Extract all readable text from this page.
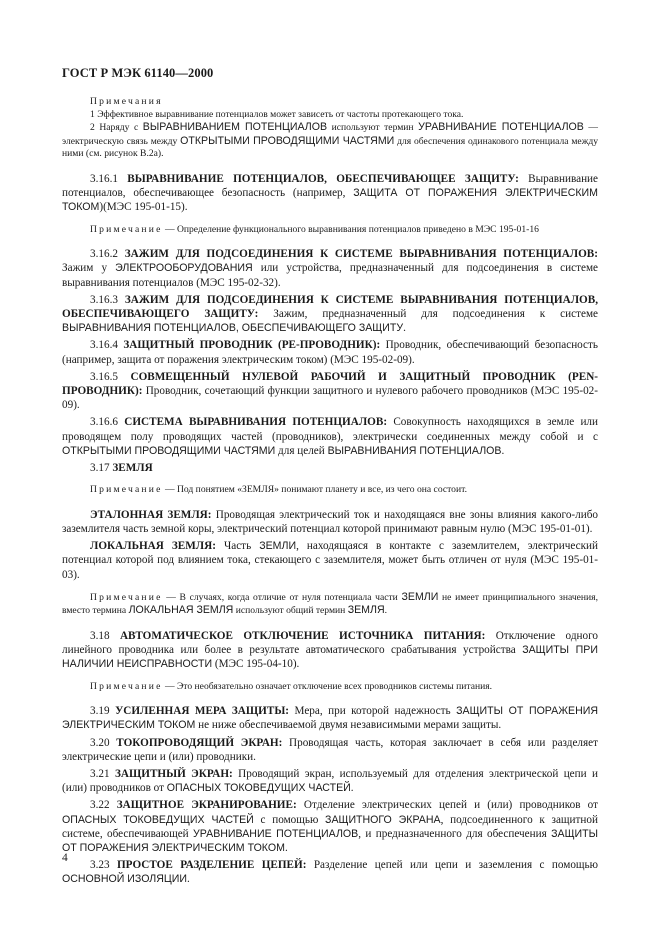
ГОСТ Р МЭК 61140—2000
Примечания
1 Эффективное выравнивание потенциалов может зависеть от частоты протекающего тока.
2 Наряду с ВЫРАВНИВАНИЕМ ПОТЕНЦИАЛОВ используют термин УРАВНИВАНИЕ ПОТЕНЦИАЛОВ — электрическую связь между ОТКРЫТЫМИ ПРОВОДЯЩИМИ ЧАСТЯМИ для обеспечения одинакового потенциала между ними (см. рисунок В.2а).

3.16.1 ВЫРАВНИВАНИЕ ПОТЕНЦИАЛОВ, ОБЕСПЕЧИВАЮЩЕЕ ЗАЩИТУ: Выравнивание потенциалов, обеспечивающее безопасность (например, ЗАЩИТА ОТ ПОРАЖЕНИЯ ЭЛЕКТРИЧЕСКИМ ТОКОМ)(МЭС 195-01-15).

Примечание — Определение функционального выравнивания потенциалов приведено в МЭС 195-01-16

3.16.2 ЗАЖИМ ДЛЯ ПОДСОЕДИНЕНИЯ К СИСТЕМЕ ВЫРАВНИВАНИЯ ПОТЕНЦИАЛОВ: Зажим у ЭЛЕКТРООБОРУДОВАНИЯ или устройства, предназначенный для подсоединения в системе выравнивания потенциалов (МЭС 195-02-32).

3.16.3 ЗАЖИМ ДЛЯ ПОДСОЕДИНЕНИЯ К СИСТЕМЕ ВЫРАВНИВАНИЯ ПОТЕНЦИАЛОВ, ОБЕСПЕЧИВАЮЩЕГО ЗАЩИТУ: Зажим, предназначенный для подсоединения к системе ВЫРАВНИВАНИЯ ПОТЕНЦИАЛОВ, ОБЕСПЕЧИВАЮЩЕГО ЗАЩИТУ.

3.16.4 ЗАЩИТНЫЙ ПРОВОДНИК (PE-ПРОВОДНИК): Проводник, обеспечивающий безопасность (например, защита от поражения электрическим током) (МЭС 195-02-09).

3.16.5 СОВМЕЩЕННЫЙ НУЛЕВОЙ РАБОЧИЙ И ЗАЩИТНЫЙ ПРОВОДНИК (PEN-ПРОВОДНИК): Проводник, сочетающий функции защитного и нулевого рабочего проводников (МЭС 195-02-09).

3.16.6 СИСТЕМА ВЫРАВНИВАНИЯ ПОТЕНЦИАЛОВ: Совокупность находящихся в земле или проводящем полу проводящих частей (проводников), электрически соединенных между собой и с ОТКРЫТЫМИ ПРОВОДЯЩИМИ ЧАСТЯМИ для целей ВЫРАВНИВАНИЯ ПОТЕНЦИАЛОВ.

3.17 ЗЕМЛЯ

Примечание — Под понятием «ЗЕМЛЯ» понимают планету и все, из чего она состоит.

ЭТАЛОННАЯ ЗЕМЛЯ: Проводящая электрический ток и находящаяся вне зоны влияния какого-либо заземлителя часть земной коры, электрический потенциал которой принимают равным нулю (МЭС 195-01-01).

ЛОКАЛЬНАЯ ЗЕМЛЯ: Часть ЗЕМЛИ, находящаяся в контакте с заземлителем, электрический потенциал которой под влиянием тока, стекающего с заземлителя, может быть отличен от нуля (МЭС 195-01-03).

Примечание — В случаях, когда отличие от нуля потенциала части ЗЕМЛИ не имеет принципиального значения, вместо термина ЛОКАЛЬНАЯ ЗЕМЛЯ используют общий термин ЗЕМЛЯ.

3.18 АВТОМАТИЧЕСКОЕ ОТКЛЮЧЕНИЕ ИСТОЧНИКА ПИТАНИЯ: Отключение одного линейного проводника или более в результате автоматического срабатывания устройства ЗАЩИТЫ ПРИ НАЛИЧИИ НЕИСПРАВНОСТИ (МЭС 195-04-10).

Примечание — Это необязательно означает отключение всех проводников системы питания.

3.19 УСИЛЕННАЯ МЕРА ЗАЩИТЫ: Мера, при которой надежность ЗАЩИТЫ ОТ ПОРАЖЕНИЯ ЭЛЕКТРИЧЕСКИМ ТОКОМ не ниже обеспечиваемой двумя независимыми мерами защиты.

3.20 ТОКОПРОВОДЯЩИЙ ЭКРАН: Проводящая часть, которая заключает в себя или разделяет электрические цепи и (или) проводники.

3.21 ЗАЩИТНЫЙ ЭКРАН: Проводящий экран, используемый для отделения электрической цепи и (или) проводников от ОПАСНЫХ ТОКОВЕДУЩИХ ЧАСТЕЙ.

3.22 ЗАЩИТНОЕ ЭКРАНИРОВАНИЕ: Отделение электрических цепей и (или) проводников от ОПАСНЫХ ТОКОВЕДУЩИХ ЧАСТЕЙ с помощью ЗАЩИТНОГО ЭКРАНА, подсоединенного к защитной системе, обеспечивающей УРАВНИВАНИЕ ПОТЕНЦИАЛОВ, и предназначенного для обеспечения ЗАЩИТЫ ОТ ПОРАЖЕНИЯ ЭЛЕКТРИЧЕСКИМ ТОКОМ.

3.23 ПРОСТОЕ РАЗДЕЛЕНИЕ ЦЕПЕЙ: Разделение цепей или цепи и заземления с помощью ОСНОВНОЙ ИЗОЛЯЦИИ.

4
